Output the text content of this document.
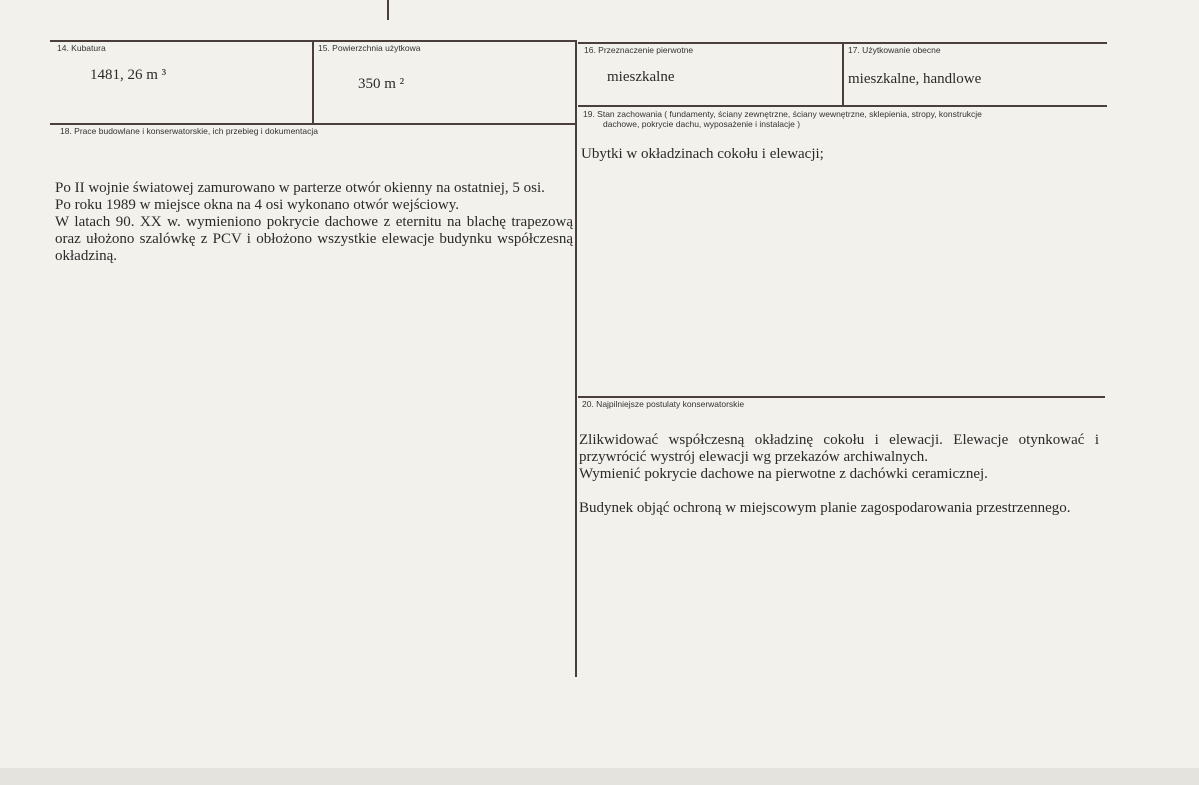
14. Kubatura
1481, 26 m ³
15. Powierzchnia użytkowa
350 m ²
16. Przeznaczenie pierwotne
mieszkalne
17. Użytkowanie obecne
mieszkalne, handlowe
18. Prace budowlane i konserwatorskie, ich przebieg i dokumentacja

Po II wojnie światowej zamurowano w parterze otwór okienny na ostatniej, 5 osi.

Po roku 1989 w miejsce okna na 4 osi wykonano otwór wejściowy.

W latach 90. XX w. wymieniono pokrycie dachowe z eternitu na blachę trapezową oraz ułożono szalówkę z PCV i obłożono wszystkie elewacje budynku współczesną okładziną.

19. Stan zachowania ( fundamenty, ściany zewnętrzne, ściany wewnętrzne, sklepienia, stropy, konstrukcje
dachowe, pokrycie dachu, wyposażenie i instalacje )
Ubytki w okładzinach cokołu i elewacji;
20. Najpilniejsze postulaty konserwatorskie

Zlikwidować współczesną okładzinę cokołu i elewacji. Elewacje otynkować i przywrócić wystrój elewacji wg przekazów archiwalnych.

Wymienić pokrycie dachowe na pierwotne z dachówki ceramicznej.

Budynek objąć ochroną w miejscowym planie zagospodarowania przestrzennego.
